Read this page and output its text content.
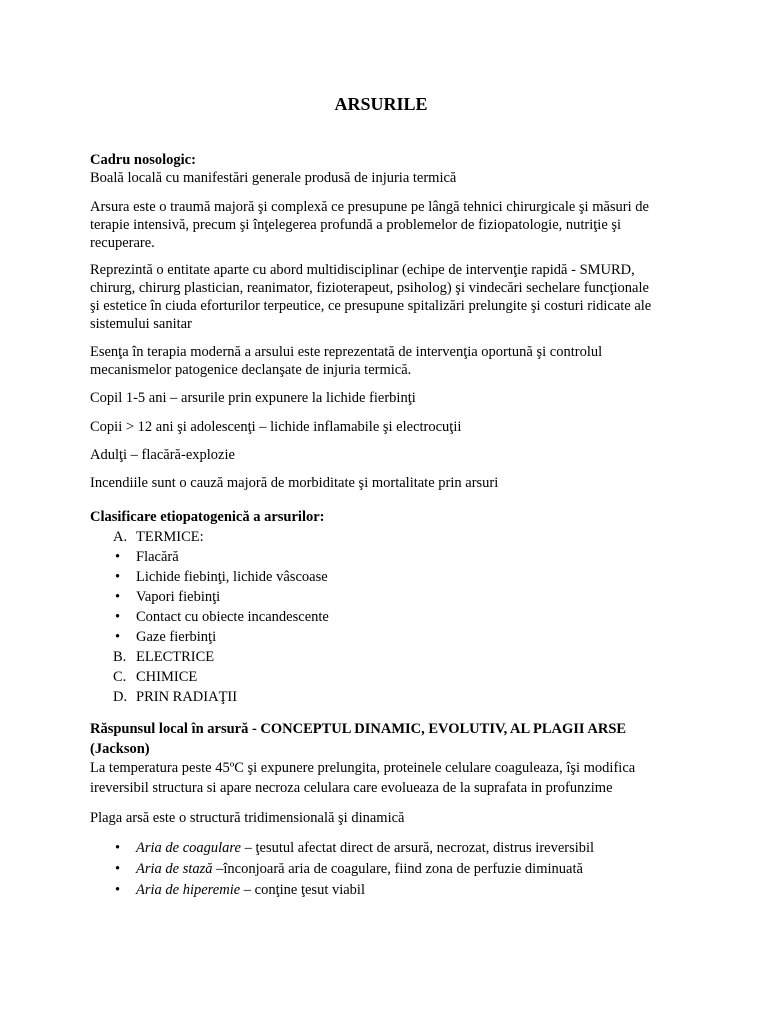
ARSURILE
Cadru nosologic:
Boală locală cu manifestări generale produsă de injuria termică
Arsura este o traumă majoră şi complexă ce presupune pe lângă tehnici chirurgicale şi măsuri de
terapie intensivă, precum şi înţelegerea profundă a problemelor de fiziopatologie, nutriţie şi
recuperare.
Reprezintă o entitate aparte cu abord multidisciplinar (echipe de intervenţie rapidă - SMURD,
chirurg, chirurg plastician, reanimator, fizioterapeut, psiholog) şi vindecări sechelare funcţionale
şi estetice în ciuda eforturilor terpeutice, ce presupune spitalizări prelungite şi costuri ridicate ale
sistemului sanitar
Esenţa în terapia modernă a arsului este reprezentată de intervenţia oportună şi controlul
mecanismelor patogenice declanşate de injuria termică.
Copil 1-5 ani – arsurile prin expunere la lichide fierbinţi
Copii > 12 ani şi adolescenţi – lichide inflamabile şi electrocuţii
Adulţi – flacără-explozie
Incendiile sunt o cauză majoră de morbiditate şi mortalitate prin arsuri
Clasificare etiopatogenică a arsurilor:
A. TERMICE:
• Flacără
• Lichide fiebinţi, lichide vâscoase
• Vapori fiebinţi
• Contact cu obiecte incandescente
• Gaze fierbinţi
B. ELECTRICE
C. CHIMICE
D. PRIN RADIAŢII
Răspunsul local în arsură - CONCEPTUL DINAMIC, EVOLUTIV, AL PLAGII ARSE
(Jackson)
La temperatura peste 45ºC şi expunere prelungita, proteinele celulare coaguleaza, îşi modifica
ireversibil structura si apare necroza celulara care evolueaza de la suprafata in profunzime
Plaga arsă este o structură tridimensională şi dinamică
• Aria de coagulare – ţesutul afectat direct de arsură, necrozat, distrus ireversibil
• Aria de stază –înconjoară aria de coagulare, fiind zona de perfuzie diminuată
• Aria de hiperemie – conţine ţesut viabil
